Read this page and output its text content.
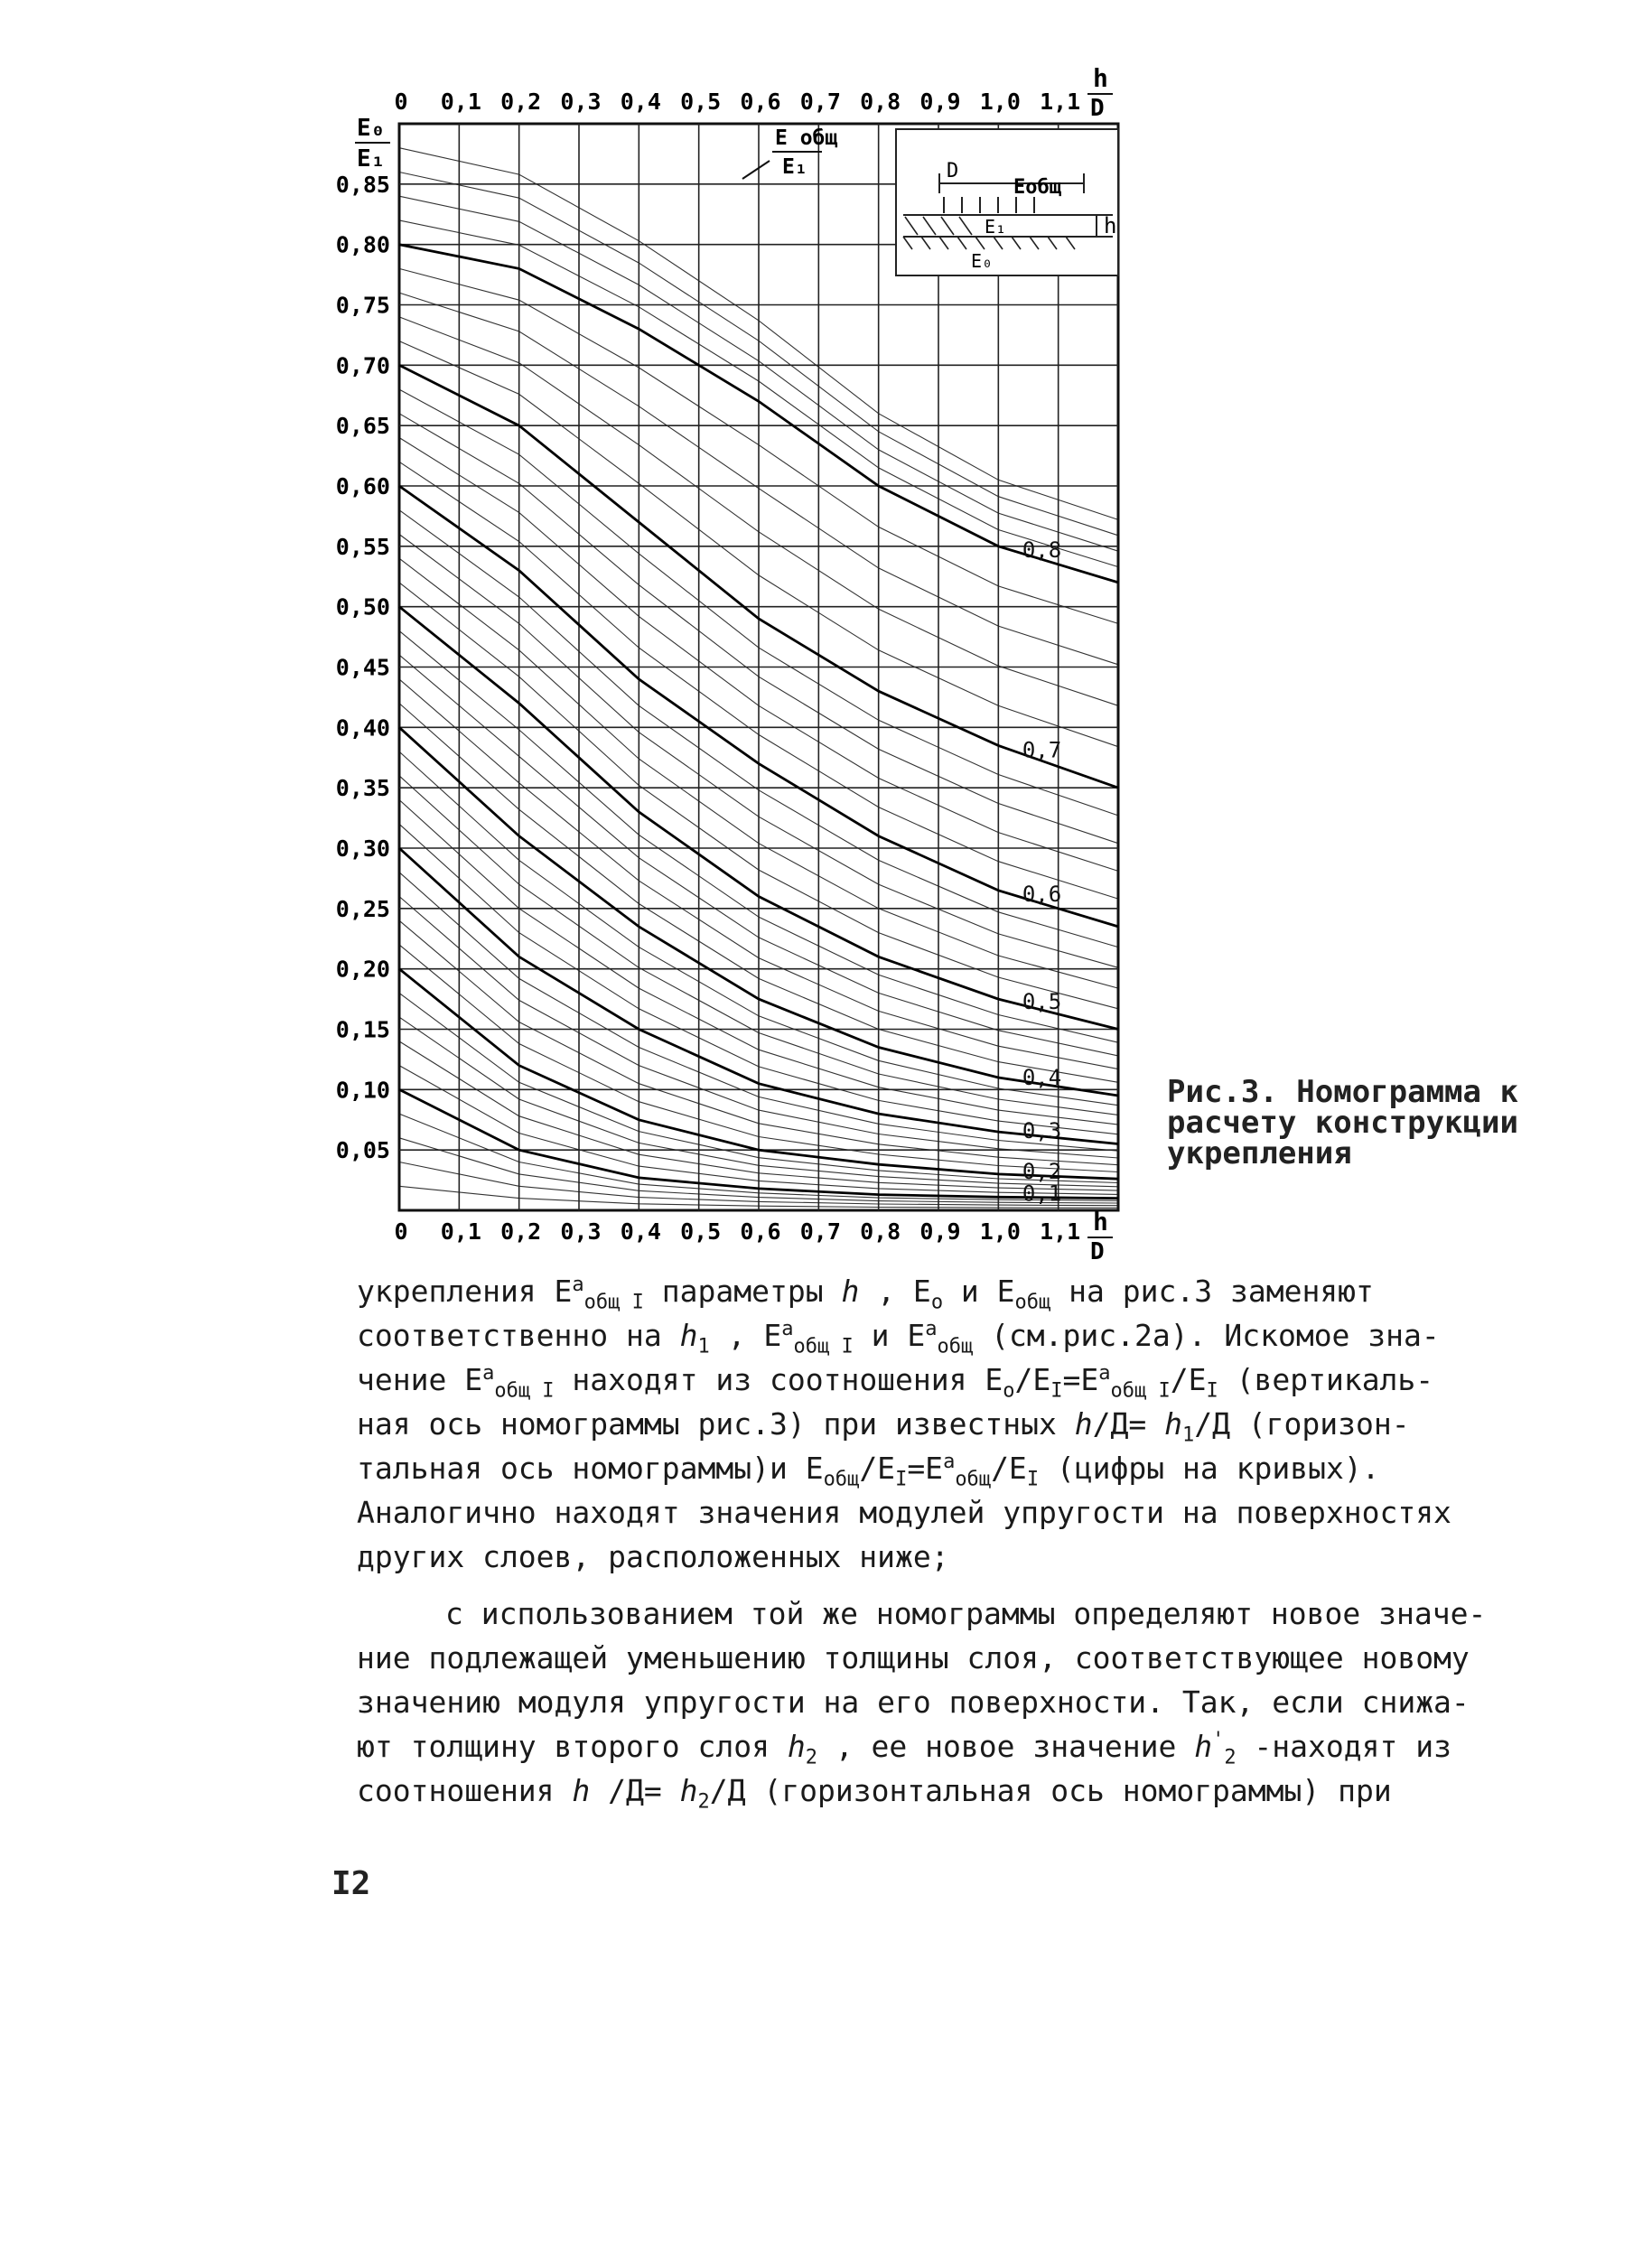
0,8
0,7
0,6
0,5
0,4
0,3
0,2
0,1
0 0,1 0,2 0,3 0,4 0,5 0,6 0,7 0,8 0,9 1,0 1,1
0 0,1 0,2 0,3 0,4 0,5 0,6 0,7 0,8 0,9 1,0 1,1
0,85
0,80
0,75
0,70
0,65
0,60
0,55
0,50
0,45
0,40
0,35
0,30
0,25
0,20
0,15
0,10
0,05
D
Eобщ
h
E₁
E₀
E общ
E₁
E₀
E₁
h
D
h
D
Рис.3. Номограмма к
расчету конструкции
укрепления

укрепления $E^а_{общ I}$ параметры h , $E_о$ и $E_{общ}$ на рис.3 заменяют
соответственно на $h_1$ , $E^а_{общ I}$ и $E^а_{общ}$ (см.рис.2а). Искомое зна-
чение $E^а_{общ I}$ находят из соотношения $E_о/E_I=E^а_{общ I}/E_I$ (вертикаль-
ная ось номограммы рис.3) при известных $h/Д= h_1/Д$ (горизон-
тальная ось номограммы)и $E_{общ}/E_I=E^а_{общ}/E_I$ (цифры на кривых).
Аналогично находят значения модулей упругости на поверхностях
других слоев, расположенных ниже;

с использованием той же номограммы определяют новое значе-
ние подлежащей уменьшению толщины слоя, соответствующее новому
значению модуля упругости на его поверхности. Так, если снижа-
ют толщину второго слоя $h_2$ , ее новое значение $h'_2$ -находят из
соотношения h $/Д= h_2/Д$ (горизонтальная ось номограммы) при

I2
